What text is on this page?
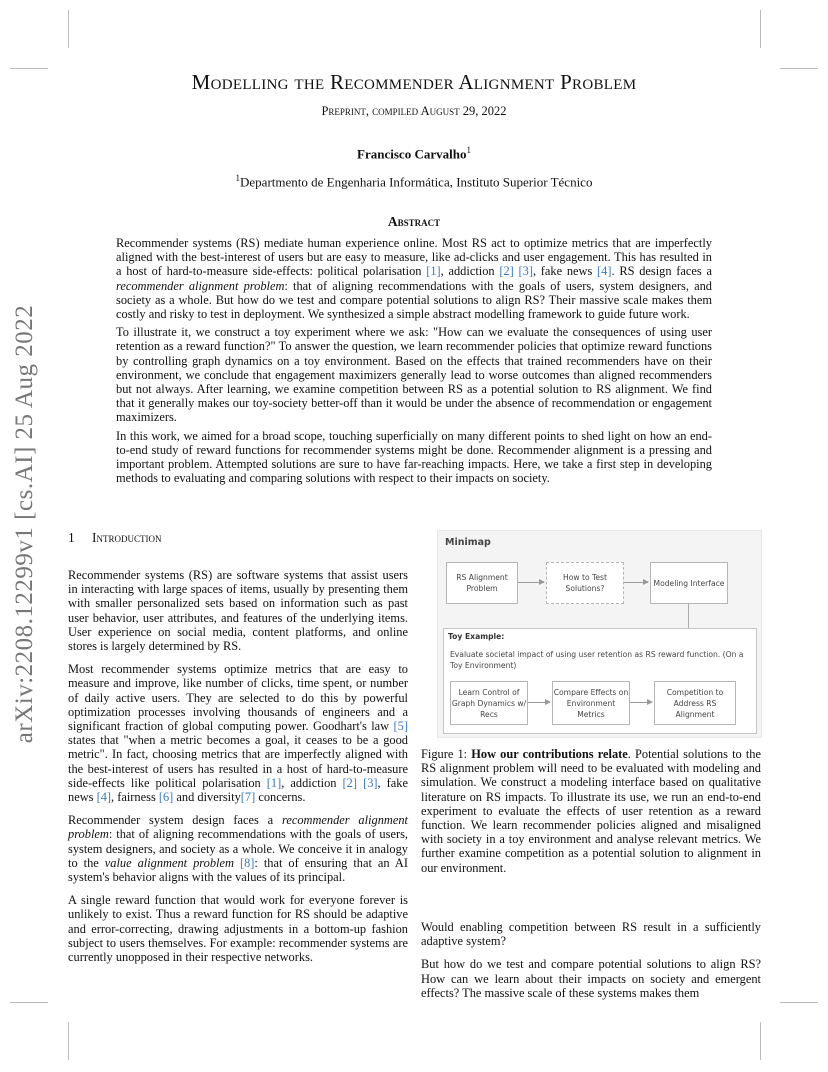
arXiv:2208.12299v1 [cs.AI] 25 Aug 2022
Modelling the Recommender Alignment Problem
Preprint, compiled August 29, 2022
Francisco Carvalho$^1$
$^1$Departmento de Engenharia Informática, Instituto Superior Técnico
Abstract

Recommender systems (RS) mediate human experience online. Most RS act to optimize metrics that are imperfectly aligned with the best-interest of users but are easy to measure, like ad-clicks and user engagement. This has resulted in a host of hard-to-measure side-effects: political polarisation [1], addiction [2] [3], fake news [4]. RS design faces a recommender alignment problem: that of aligning recommendations with the goals of users, system designers, and society as a whole. But how do we test and compare potential solutions to align RS? Their massive scale makes them costly and risky to test in deployment. We synthesized a simple abstract modelling framework to guide future work.

To illustrate it, we construct a toy experiment where we ask: "How can we evaluate the consequences of using user retention as a reward function?" To answer the question, we learn recommender policies that optimize reward functions by controlling graph dynamics on a toy environment. Based on the effects that trained recommenders have on their environment, we conclude that engagement maximizers generally lead to worse outcomes than aligned recommenders but not always. After learning, we examine competition between RS as a potential solution to RS alignment. We find that it generally makes our toy-society better-off than it would be under the absence of recommendation or engagement maximizers.

In this work, we aimed for a broad scope, touching superficially on many different points to shed light on how an end-to-end study of reward functions for recommender systems might be done. Recommender alignment is a pressing and important problem. Attempted solutions are sure to have far-reaching impacts. Here, we take a first step in developing methods to evaluating and comparing solutions with respect to their impacts on society.

1 Introduction

Recommender systems (RS) are software systems that assist users in interacting with large spaces of items, usually by presenting them with smaller personalized sets based on information such as past user behavior, user attributes, and features of the underlying items. User experience on social media, content platforms, and online stores is largely determined by RS.

Most recommender systems optimize metrics that are easy to measure and improve, like number of clicks, time spent, or number of daily active users. They are selected to do this by powerful optimization processes involving thousands of engineers and a significant fraction of global computing power. Goodhart's law [5] states that "when a metric becomes a goal, it ceases to be a good metric". In fact, choosing metrics that are imperfectly aligned with the best-interest of users has resulted in a host of hard-to-measure side-effects like political polarisation [1], addiction [2] [3], fake news [4], fairness [6] and diversity[7] concerns.

Recommender system design faces a recommender alignment problem: that of aligning recommendations with the goals of users, system designers, and society as a whole. We conceive it in analogy to the value alignment problem [8]: that of ensuring that an AI system's behavior aligns with the values of its principal.

A single reward function that would work for everyone forever is unlikely to exist. Thus a reward function for RS should be adaptive and error-correcting, drawing adjustments in a bottom-up fashion subject to users themselves. For example: recommender systems are currently unopposed in their respective networks.

Minimap
RS Alignment Problem
How to Test Solutions?
Modeling Interface
Toy Example:
Evaluate societal impact of using user retention as RS reward function. (On a Toy Environment)
Learn Control of Graph Dynamics w/ Recs
Compare Effects on Environment Metrics
Competition to Address RS Alignment
Figure 1: How our contributions relate. Potential solutions to the RS alignment problem will need to be evaluated with modeling and simulation. We construct a modeling interface based on qualitative literature on RS impacts. To illustrate its use, we run an end-to-end experiment to evaluate the effects of user retention as a reward function. We learn recommender policies aligned and misaligned with society in a toy environment and analyse relevant metrics. We further examine competition as a potential solution to alignment in our environment.

Would enabling competition between RS result in a sufficiently adaptive system?

But how do we test and compare potential solutions to align RS? How can we learn about their impacts on society and emergent effects? The massive scale of these systems makes them
